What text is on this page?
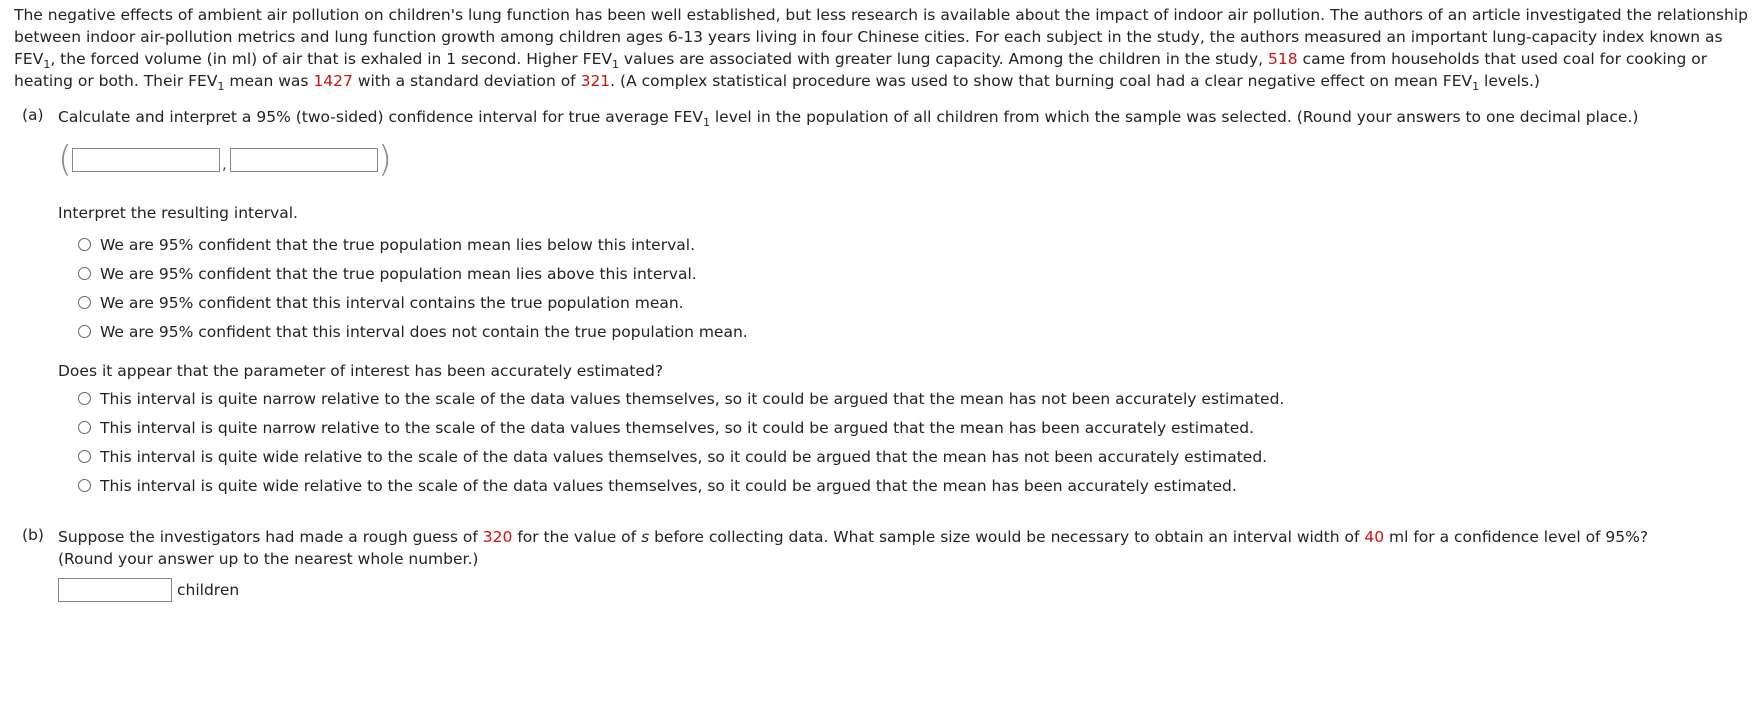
The negative effects of ambient air pollution on children's lung function has been well established, but less research is available about the impact of indoor air pollution. The authors of an article investigated the relationship between indoor air-pollution metrics and lung function growth among children ages 6-13 years living in four Chinese cities. For each subject in the study, the authors measured an important lung-capacity index known as $FEV_1$, the forced volume (in ml) of air that is exhaled in 1 second. Higher $FEV_1$ values are associated with greater lung capacity. Among the children in the study, 518 came from households that used coal for cooking or heating or both. Their $FEV_1$ mean was 1427 with a standard deviation of 321. (A complex statistical procedure was used to show that burning coal had a clear negative effect on mean $FEV_1$ levels.)

(a) Calculate and interpret a 95% (two-sided) confidence interval for true average $FEV_1$ level in the population of all children from which the sample was selected. (Round your answers to one decimal place.)
(	,	)
Interpret the resulting interval.
We are 95% confident that the true population mean lies below this interval.
We are 95% confident that the true population mean lies above this interval.
We are 95% confident that this interval contains the true population mean.
We are 95% confident that this interval does not contain the true population mean.
Does it appear that the parameter of interest has been accurately estimated?
This interval is quite narrow relative to the scale of the data values themselves, so it could be argued that the mean has not been accurately estimated.
This interval is quite narrow relative to the scale of the data values themselves, so it could be argued that the mean has been accurately estimated.
This interval is quite wide relative to the scale of the data values themselves, so it could be argued that the mean has not been accurately estimated.
This interval is quite wide relative to the scale of the data values themselves, so it could be argued that the mean has been accurately estimated.
(b) Suppose the investigators had made a rough guess of 320 for the value of s before collecting data. What sample size would be necessary to obtain an interval width of 40 ml for a confidence level of 95%?
(Round your answer up to the nearest whole number.)
children
